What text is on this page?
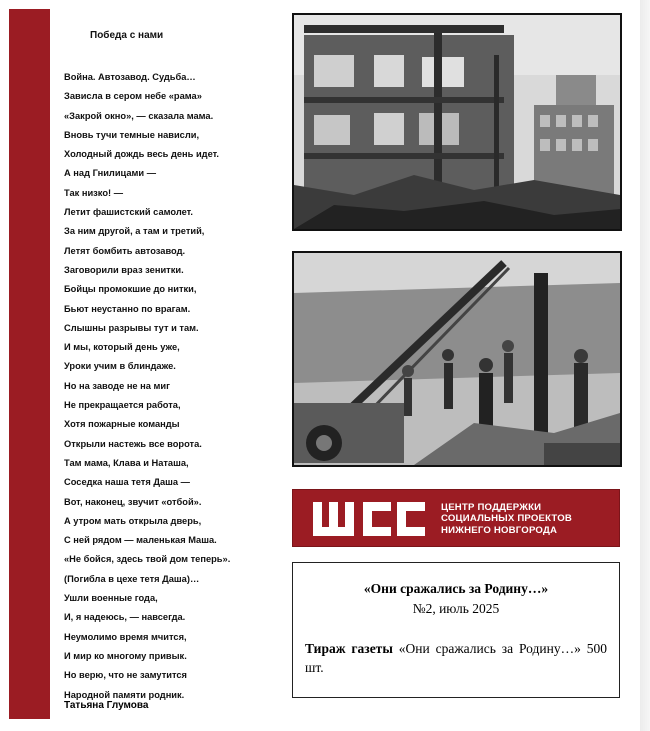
Победа с нами
Война. Автозавод. Судьба…
Зависла в сером небе «рама»
«Закрой окно», — сказала мама.
Вновь тучи темные нависли,
Холодный дождь весь день идет.
А над Гнилицами —
Так низко! —
Летит фашистский самолет.
За ним другой, а там и третий,
Летят бомбить автозавод.
Заговорили враз зенитки.
Бойцы промокшие до нитки,
Бьют неустанно по врагам.
Слышны разрывы тут и там.
И мы, который день уже,
Уроки учим в блиндаже.
Но на заводе не на миг
Не прекращается работа,
Хотя пожарные команды
Открыли настежь все ворота.
Там мама, Клава и Наташа,
Соседка наша тетя Даша —
Вот, наконец, звучит «отбой».
А утром мать открыла дверь,
С ней рядом — маленькая Маша.
«Не бойся, здесь твой дом теперь».
(Погибла в цехе тетя Даша)…
Ушли военные года,
И, я надеюсь, — навсегда.
Неумолимо время мчится,
И мир ко многому привык.
Но верю, что не замутится
Народной памяти родник.
Татьяна Глумова
ЦЕНТР ПОДДЕРЖКИ
СОЦИАЛЬНЫХ ПРОЕКТОВ
НИЖНЕГО НОВГОРОДА
«Они сражались за Родину…»
№2, июль 2025
Тираж газеты «Они сражались за Родину…» 500 шт.
